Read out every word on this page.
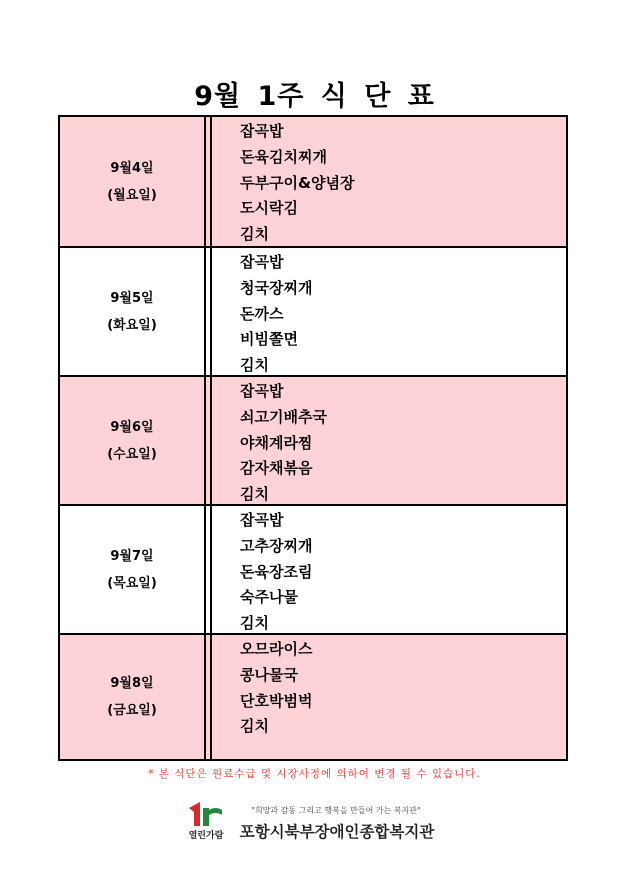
9월 1주 식 단 표
9월4일
(월요일)
잡곡밥
돈육김치찌개
두부구이&양념장
도시락김
김치
9월5일
(화요일)
잡곡밥
청국장찌개
돈까스
비빔쫄면
김치
9월6일
(수요일)
잡곡밥
쇠고기배추국
야채계라찜
감자채볶음
김치
9월7일
(목요일)
잡곡밥
고추장찌개
돈육장조림
숙주나물
김치
9월8일
(금요일)
오므라이스
콩나물국
단호박범벅
김치
* 본 식단은 원료수급 및 시장사정에 의하여 변경 될 수 있습니다.
열린가람
"희망과 감동 그리고 행복을 만들어 가는 복지관"
포항시북부장애인종합복지관
